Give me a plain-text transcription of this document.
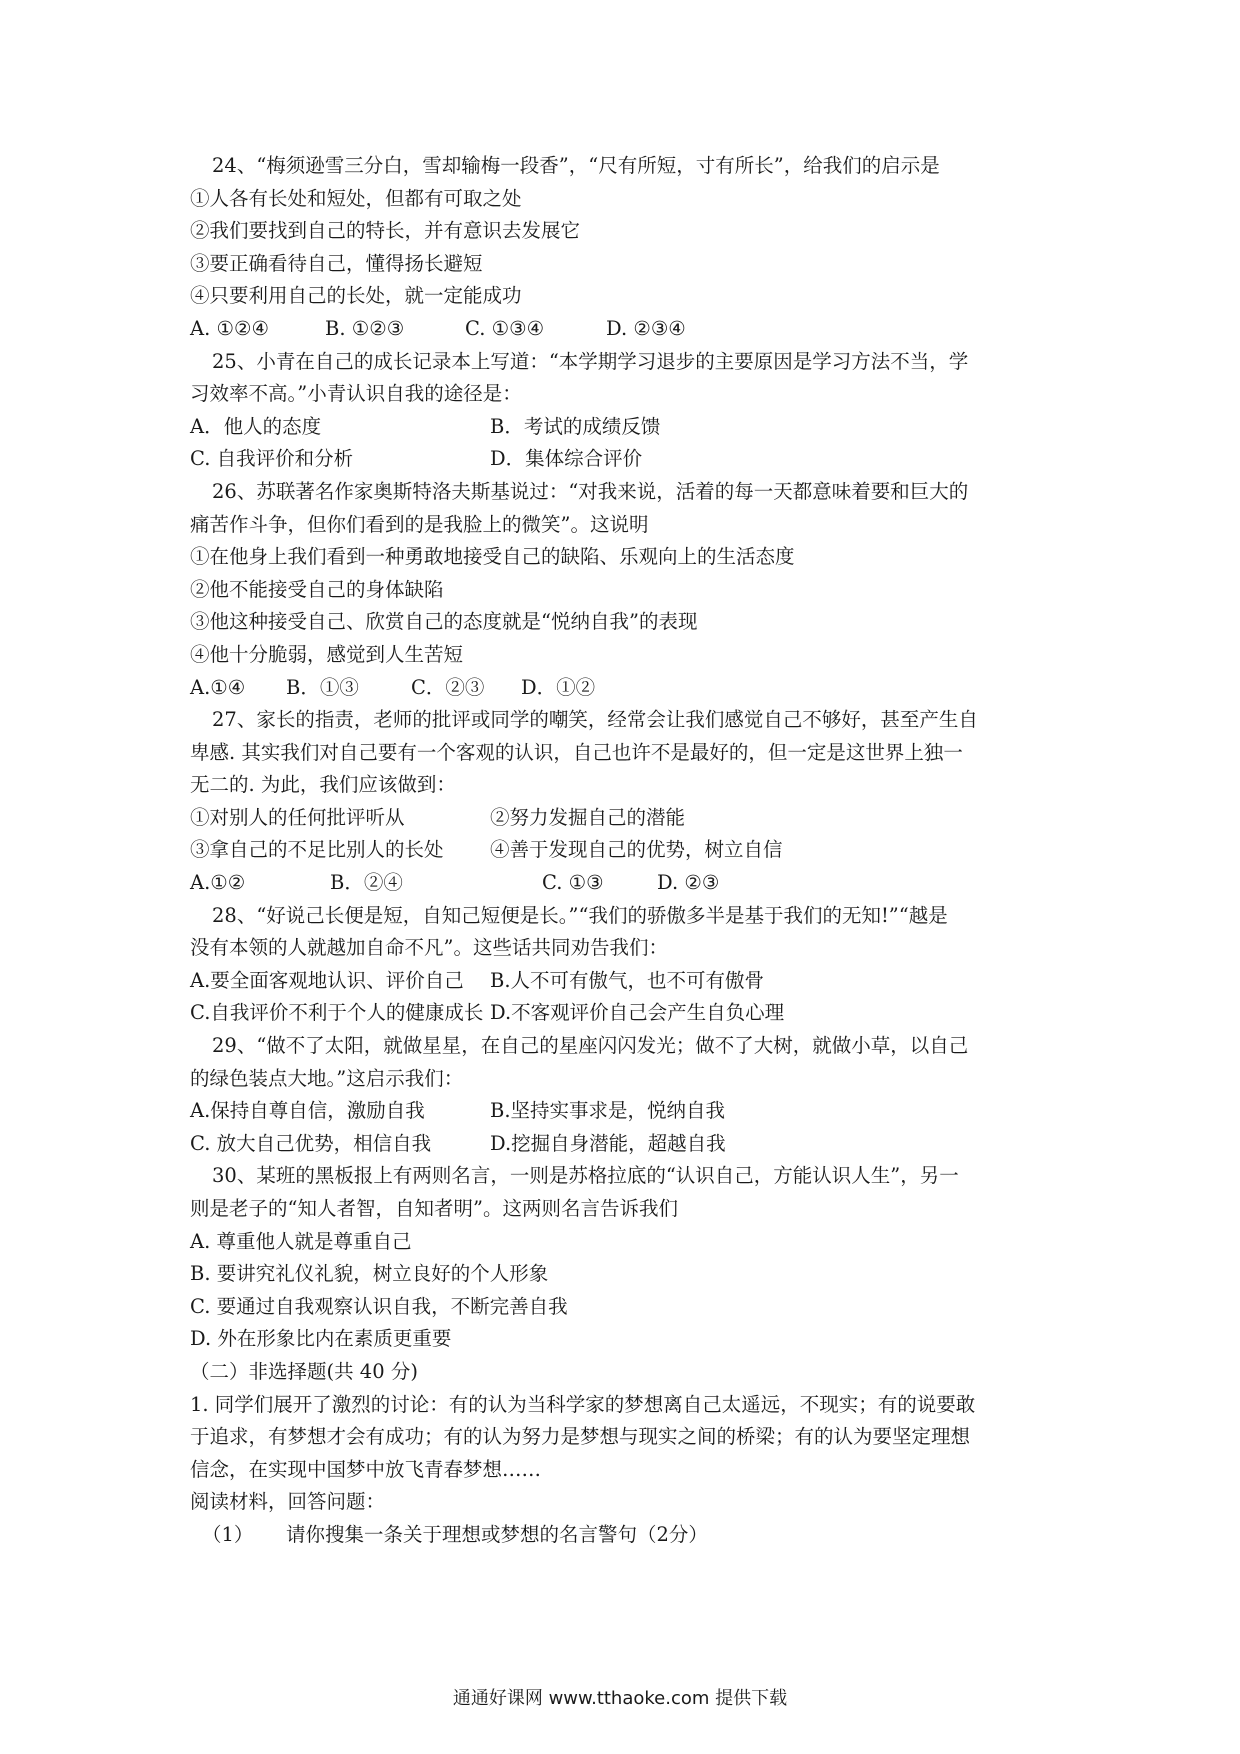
24、“梅须逊雪三分白，雪却输梅一段香”，“尺有所短，寸有所长”，给我们的启示是
①人各有长处和短处，但都有可取之处
②我们要找到自己的特长，并有意识去发展它
③要正确看待自己，懂得扬长避短
④只要利用自己的长处，就一定能成功
A. ①②④	B. ①②③	C. ①③④	D. ②③④
25、小青在自己的成长记录本上写道：“本学期学习退步的主要原因是学习方法不当，学
习效率不高。”小青认识自我的途径是：
A．他人的态度	B．考试的成绩反馈
C. 自我评价和分析	D．集体综合评价
26、苏联著名作家奥斯特洛夫斯基说过：“对我来说，活着的每一天都意味着要和巨大的
痛苦作斗争，但你们看到的是我脸上的微笑”。这说明
①在他身上我们看到一种勇敢地接受自己的缺陷、乐观向上的生活态度
②他不能接受自己的身体缺陷
③他这种接受自己、欣赏自己的态度就是“悦纳自我”的表现
④他十分脆弱，感觉到人生苦短
A.①④	B．①③	C．②③	D．①②
27、家长的指责，老师的批评或同学的嘲笑，经常会让我们感觉自己不够好，甚至产生自
卑感. 其实我们对自己要有一个客观的认识，自己也许不是最好的，但一定是这世界上独一
无二的. 为此，我们应该做到：
①对别人的任何批评听从	②努力发掘自己的潜能
③拿自己的不足比别人的长处	④善于发现自己的优势，树立自信
A.①②	B．②④	C. ①③	D. ②③
28、“好说己长便是短，自知己短便是长。”“我们的骄傲多半是基于我们的无知!”“越是
没有本领的人就越加自命不凡”。这些话共同劝告我们：
A.要全面客观地认识、评价自己	B.人不可有傲气，也不可有傲骨
C.自我评价不利于个人的健康成长 D.不客观评价自己会产生自负心理
29、“做不了太阳，就做星星，在自己的星座闪闪发光；做不了大树，就做小草，以自己
的绿色装点大地。”这启示我们：
A.保持自尊自信，激励自我	B.坚持实事求是，悦纳自我
C. 放大自己优势，相信自我	D.挖掘自身潜能，超越自我
30、某班的黑板报上有两则名言，一则是苏格拉底的“认识自己，方能认识人生”，另一
则是老子的“知人者智，自知者明”。这两则名言告诉我们
A. 尊重他人就是尊重自己
B. 要讲究礼仪礼貌，树立良好的个人形象
C. 要通过自我观察认识自我，不断完善自我
D. 外在形象比内在素质更重要
（二）非选择题(共 40 分)
1. 同学们展开了激烈的讨论：有的认为当科学家的梦想离自己太遥远，不现实；有的说要敢
于追求，有梦想才会有成功；有的认为努力是梦想与现实之间的桥梁；有的认为要坚定理想
信念，在实现中国梦中放飞青春梦想……
阅读材料，回答问题：
（1） 请你搜集一条关于理想或梦想的名言警句（2分）
通通好课网 www.tthaoke.com 提供下载
